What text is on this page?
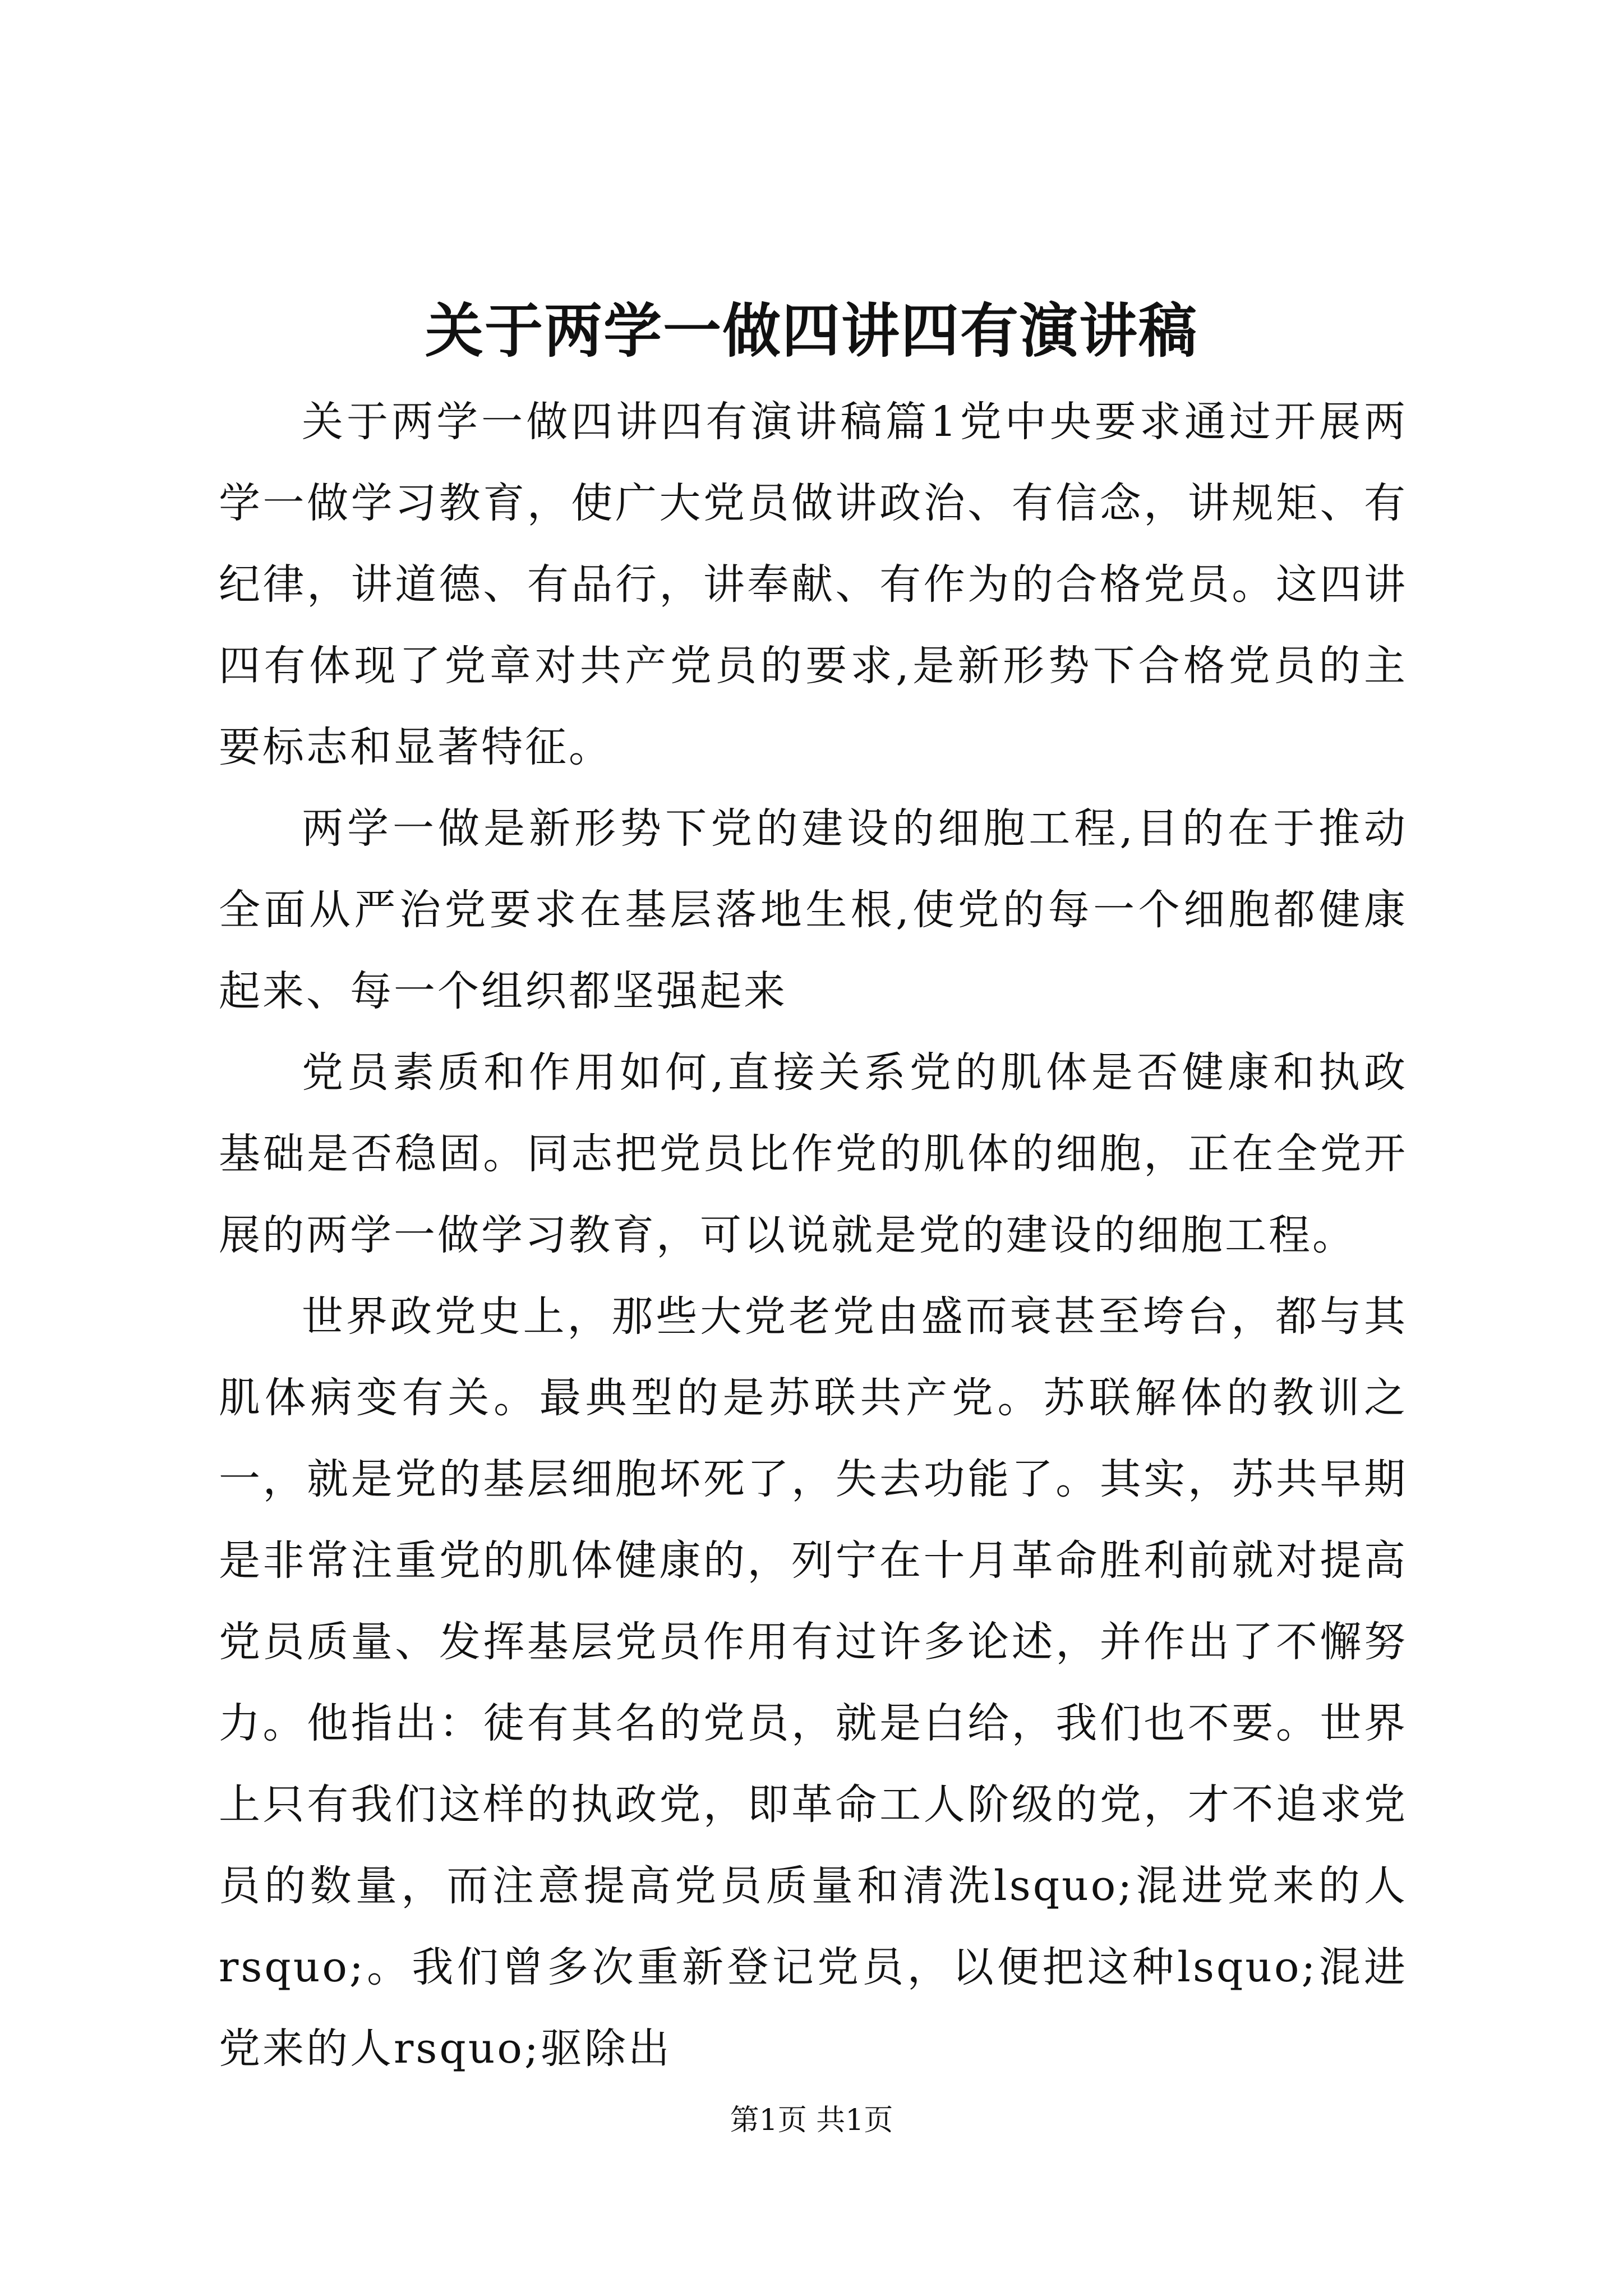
关于两学一做四讲四有演讲稿

关于两学一做四讲四有演讲稿篇1党中央要求通过开展两学一做学习教育，使广大党员做讲政治、有信念，讲规矩、有纪律，讲道德、有品行，讲奉献、有作为的合格党员。这四讲四有体现了党章对共产党员的要求,是新形势下合格党员的主要标志和显著特征。

两学一做是新形势下党的建设的细胞工程,目的在于推动全面从严治党要求在基层落地生根,使党的每一个细胞都健康起来、每一个组织都坚强起来

党员素质和作用如何,直接关系党的肌体是否健康和执政基础是否稳固。同志把党员比作党的肌体的细胞，正在全党开展的两学一做学习教育，可以说就是党的建设的细胞工程。

世界政党史上，那些大党老党由盛而衰甚至垮台，都与其肌体病变有关。最典型的是苏联共产党。苏联解体的教训之一，就是党的基层细胞坏死了，失去功能了。其实，苏共早期是非常注重党的肌体健康的，列宁在十月革命胜利前就对提高党员质量、发挥基层党员作用有过许多论述，并作出了不懈努力。他指出：徒有其名的党员，就是白给，我们也不要。世界上只有我们这样的执政党，即革命工人阶级的党，才不追求党员的数量，而注意提高党员质量和清洗lsquo;混进党来的人rsquo;。我们曾多次重新登记党员，以便把这种lsquo;混进党来的人rsquo;驱除出

第1页 共1页
